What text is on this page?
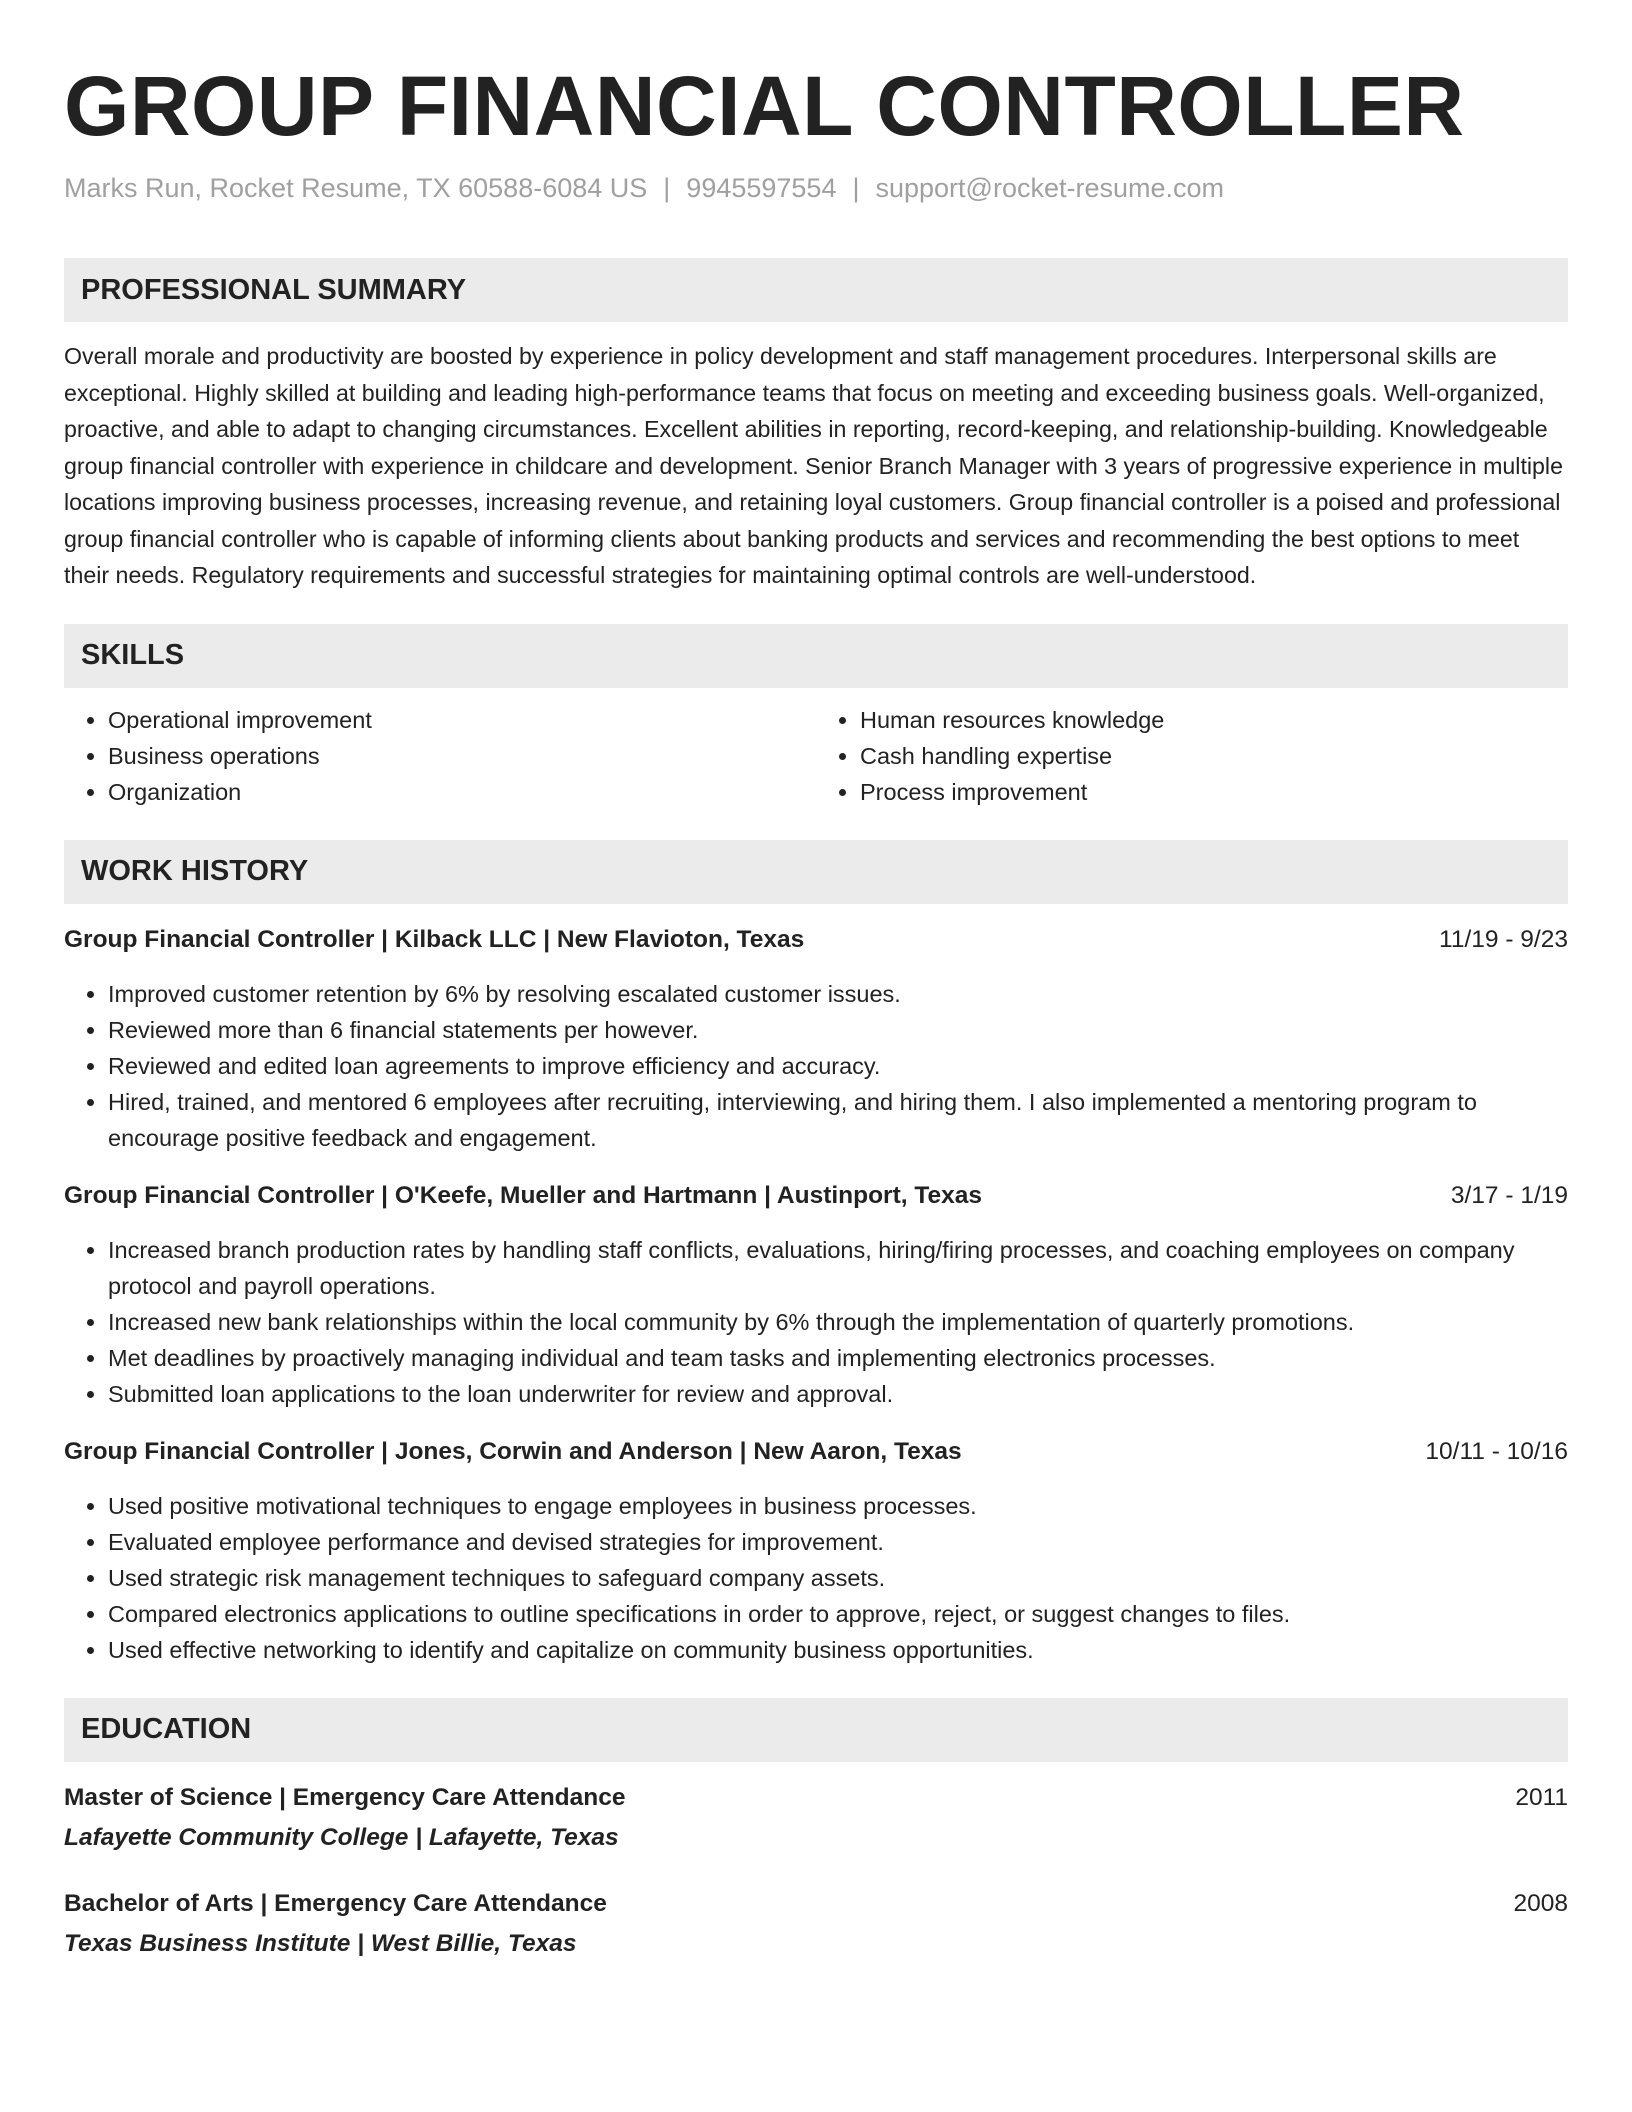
GROUP FINANCIAL CONTROLLER
Marks Run, Rocket Resume, TX 60588-6084 US | 9945597554 | support@rocket-resume.com
PROFESSIONAL SUMMARY

Overall morale and productivity are boosted by experience in policy development and staff management procedures. Interpersonal skills are exceptional. Highly skilled at building and leading high-performance teams that focus on meeting and exceeding business goals. Well-organized, proactive, and able to adapt to changing circumstances. Excellent abilities in reporting, record-keeping, and relationship-building. Knowledgeable group financial controller with experience in childcare and development. Senior Branch Manager with 3 years of progressive experience in multiple locations improving business processes, increasing revenue, and retaining loyal customers. Group financial controller is a poised and professional group financial controller who is capable of informing clients about banking products and services and recommending the best options to meet their needs. Regulatory requirements and successful strategies for maintaining optimal controls are well-understood.

SKILLS
• Operational improvement
• Business operations
• Organization
• Human resources knowledge
• Cash handling expertise
• Process improvement
WORK HISTORY
Group Financial Controller | Kilback LLC | New Flavioton, Texas	11/19 - 9/23
• Improved customer retention by 6% by resolving escalated customer issues.
• Reviewed more than 6 financial statements per however.
• Reviewed and edited loan agreements to improve efficiency and accuracy.
• Hired, trained, and mentored 6 employees after recruiting, interviewing, and hiring them. I also implemented a mentoring program to encourage positive feedback and engagement.
Group Financial Controller | O'Keefe, Mueller and Hartmann | Austinport, Texas	3/17 - 1/19
• Increased branch production rates by handling staff conflicts, evaluations, hiring/firing processes, and coaching employees on company protocol and payroll operations.
• Increased new bank relationships within the local community by 6% through the implementation of quarterly promotions.
• Met deadlines by proactively managing individual and team tasks and implementing electronics processes.
• Submitted loan applications to the loan underwriter for review and approval.
Group Financial Controller | Jones, Corwin and Anderson | New Aaron, Texas	10/11 - 10/16
• Used positive motivational techniques to engage employees in business processes.
• Evaluated employee performance and devised strategies for improvement.
• Used strategic risk management techniques to safeguard company assets.
• Compared electronics applications to outline specifications in order to approve, reject, or suggest changes to files.
• Used effective networking to identify and capitalize on community business opportunities.
EDUCATION
Master of Science | Emergency Care Attendance	2011
Lafayette Community College | Lafayette, Texas
Bachelor of Arts | Emergency Care Attendance	2008
Texas Business Institute | West Billie, Texas
